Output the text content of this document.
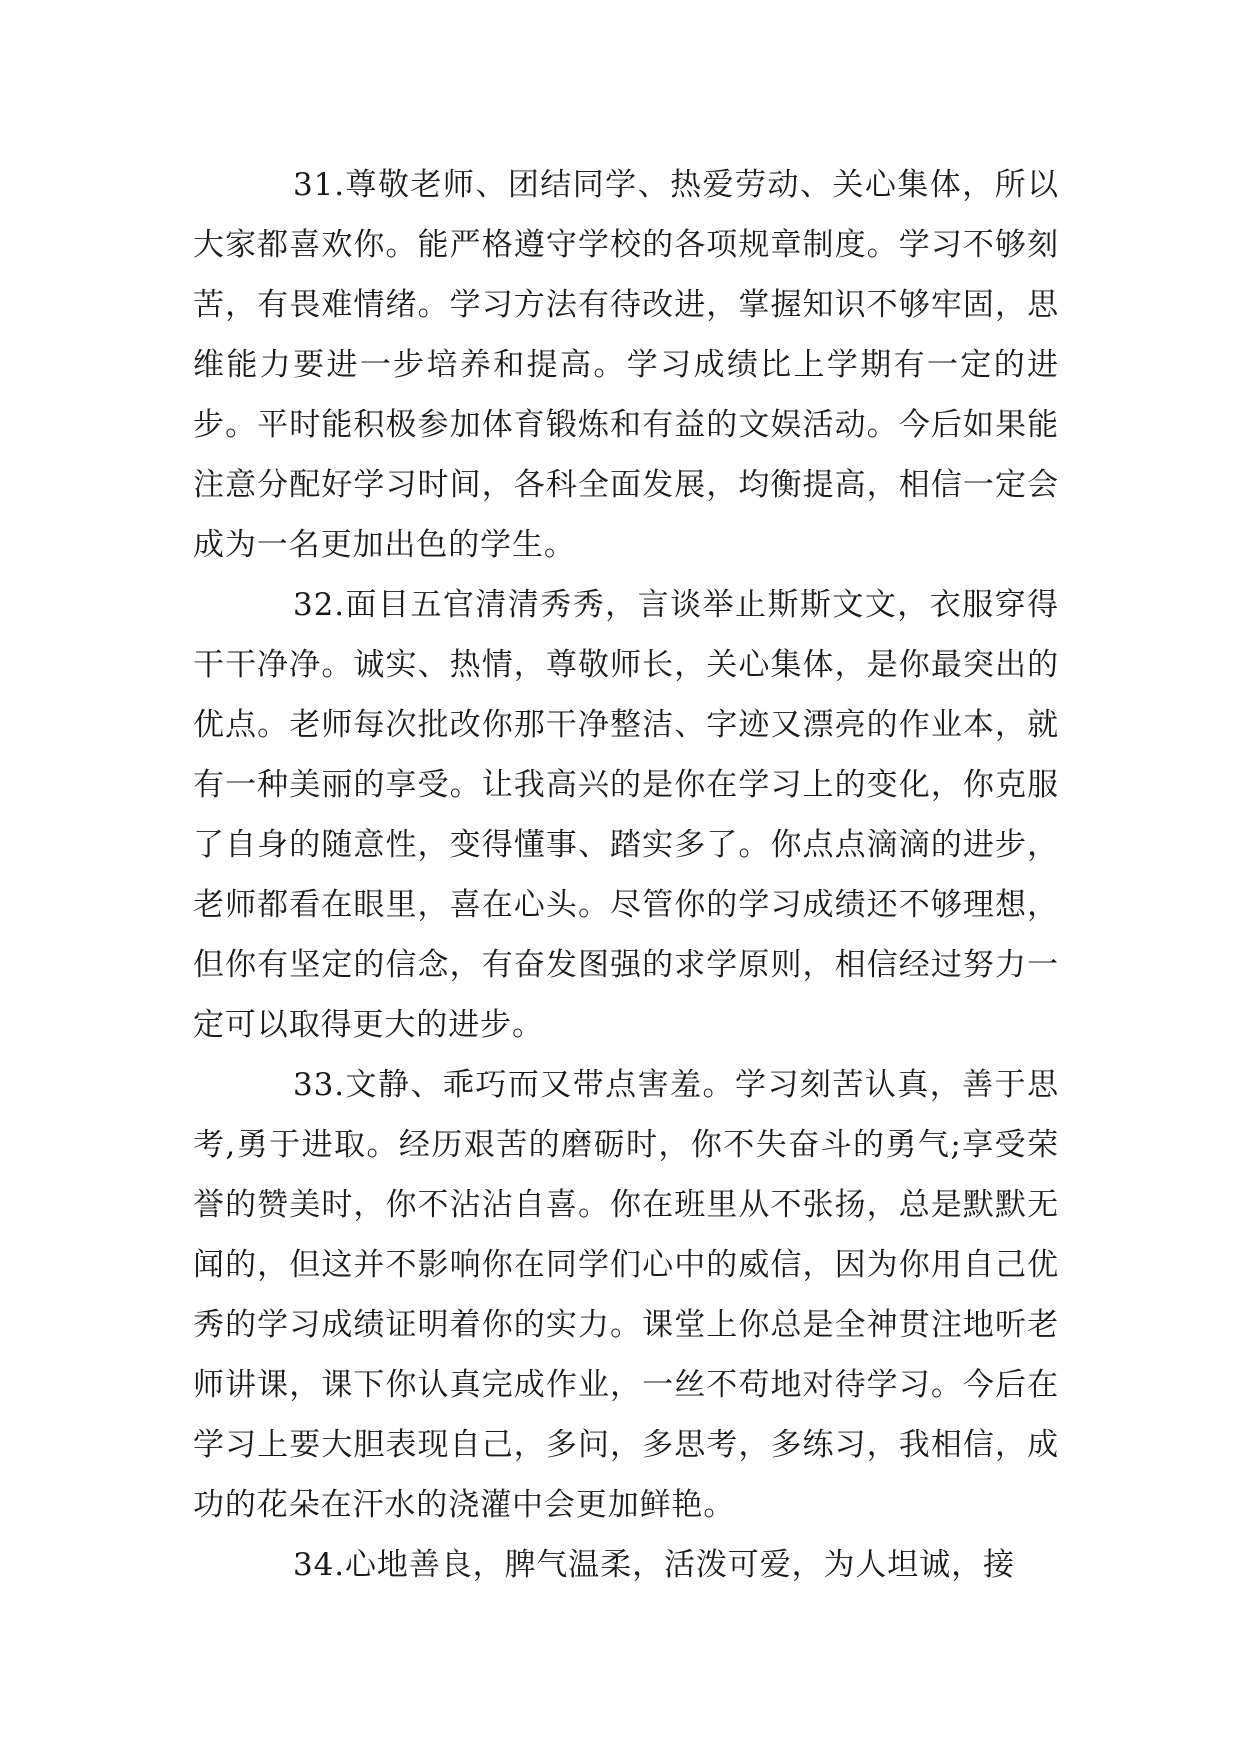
31.尊敬老师、团结同学、热爱劳动、关心集体，所以大家都喜欢你。能严格遵守学校的各项规章制度。学习不够刻苦，有畏难情绪。学习方法有待改进，掌握知识不够牢固，思维能力要进一步培养和提高。学习成绩比上学期有一定的进步。平时能积极参加体育锻炼和有益的文娱活动。今后如果能注意分配好学习时间，各科全面发展，均衡提高，相信一定会成为一名更加出色的学生。

32.面目五官清清秀秀，言谈举止斯斯文文，衣服穿得干干净净。诚实、热情，尊敬师长，关心集体，是你最突出的优点。老师每次批改你那干净整洁、字迹又漂亮的作业本，就有一种美丽的享受。让我高兴的是你在学习上的变化，你克服了自身的随意性，变得懂事、踏实多了。你点点滴滴的进步，老师都看在眼里，喜在心头。尽管你的学习成绩还不够理想，但你有坚定的信念，有奋发图强的求学原则，相信经过努力一定可以取得更大的进步。

33.文静、乖巧而又带点害羞。学习刻苦认真，善于思考,勇于进取。经历艰苦的磨砺时，你不失奋斗的勇气;享受荣誉的赞美时，你不沾沾自喜。你在班里从不张扬，总是默默无闻的，但这并不影响你在同学们心中的威信，因为你用自己优秀的学习成绩证明着你的实力。课堂上你总是全神贯注地听老师讲课，课下你认真完成作业，一丝不苟地对待学习。今后在学习上要大胆表现自己，多问，多思考，多练习，我相信，成功的花朵在汗水的浇灌中会更加鲜艳。

34.心地善良，脾气温柔，活泼可爱，为人坦诚，接
